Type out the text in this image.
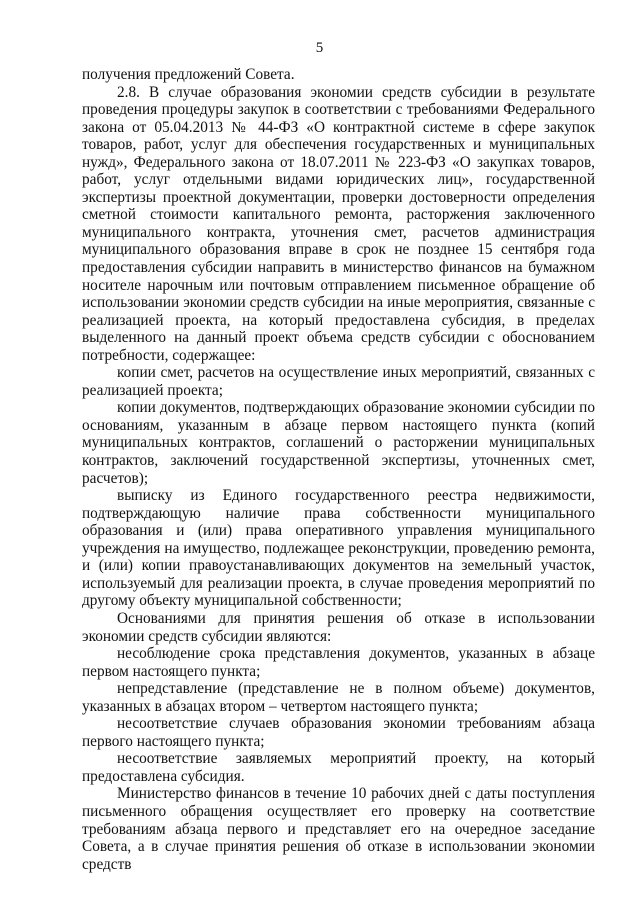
5

получения предложений Совета.

2.8. В случае образования экономии средств субсидии в результате проведения процедуры закупок в соответствии с требованиями Федерального закона от 05.04.2013 № 44-ФЗ «О контрактной системе в сфере закупок товаров, работ, услуг для обеспечения государственных и муниципальных нужд», Федерального закона от 18.07.2011 № 223-ФЗ «О закупках товаров, работ, услуг отдельными видами юридических лиц», государственной экспертизы проектной документации, проверки достоверности определения сметной стоимости капитального ремонта, расторжения заключенного муниципального контракта, уточнения смет, расчетов администрация муниципального образования вправе в срок не позднее 15 сентября года предоставления субсидии направить в министерство финансов на бумажном носителе нарочным или почтовым отправлением письменное обращение об использовании экономии средств субсидии на иные мероприятия, связанные с реализацией проекта, на который предоставлена субсидия, в пределах выделенного на данный проект объема средств субсидии с обоснованием потребности, содержащее:

копии смет, расчетов на осуществление иных мероприятий, связанных с реализацией проекта;

копии документов, подтверждающих образование экономии субсидии по основаниям, указанным в абзаце первом настоящего пункта (копий муниципальных контрактов, соглашений о расторжении муниципальных контрактов, заключений государственной экспертизы, уточненных смет, расчетов);

выписку из Единого государственного реестра недвижимости, подтверждающую наличие права собственности муниципального образования и (или) права оперативного управления муниципального учреждения на имущество, подлежащее реконструкции, проведению ремонта, и (или) копии правоустанавливающих документов на земельный участок, используемый для реализации проекта, в случае проведения мероприятий по другому объекту муниципальной собственности;

Основаниями для принятия решения об отказе в использовании экономии средств субсидии являются:

несоблюдение срока представления документов, указанных в абзаце первом настоящего пункта;

непредставление (представление не в полном объеме) документов, указанных в абзацах втором – четвертом настоящего пункта;

несоответствие случаев образования экономии требованиям абзаца первого настоящего пункта;

несоответствие заявляемых мероприятий проекту, на который предоставлена субсидия.

Министерство финансов в течение 10 рабочих дней с даты поступления письменного обращения осуществляет его проверку на соответствие требованиям абзаца первого и представляет его на очередное заседание Совета, а в случае принятия решения об отказе в использовании экономии средств
